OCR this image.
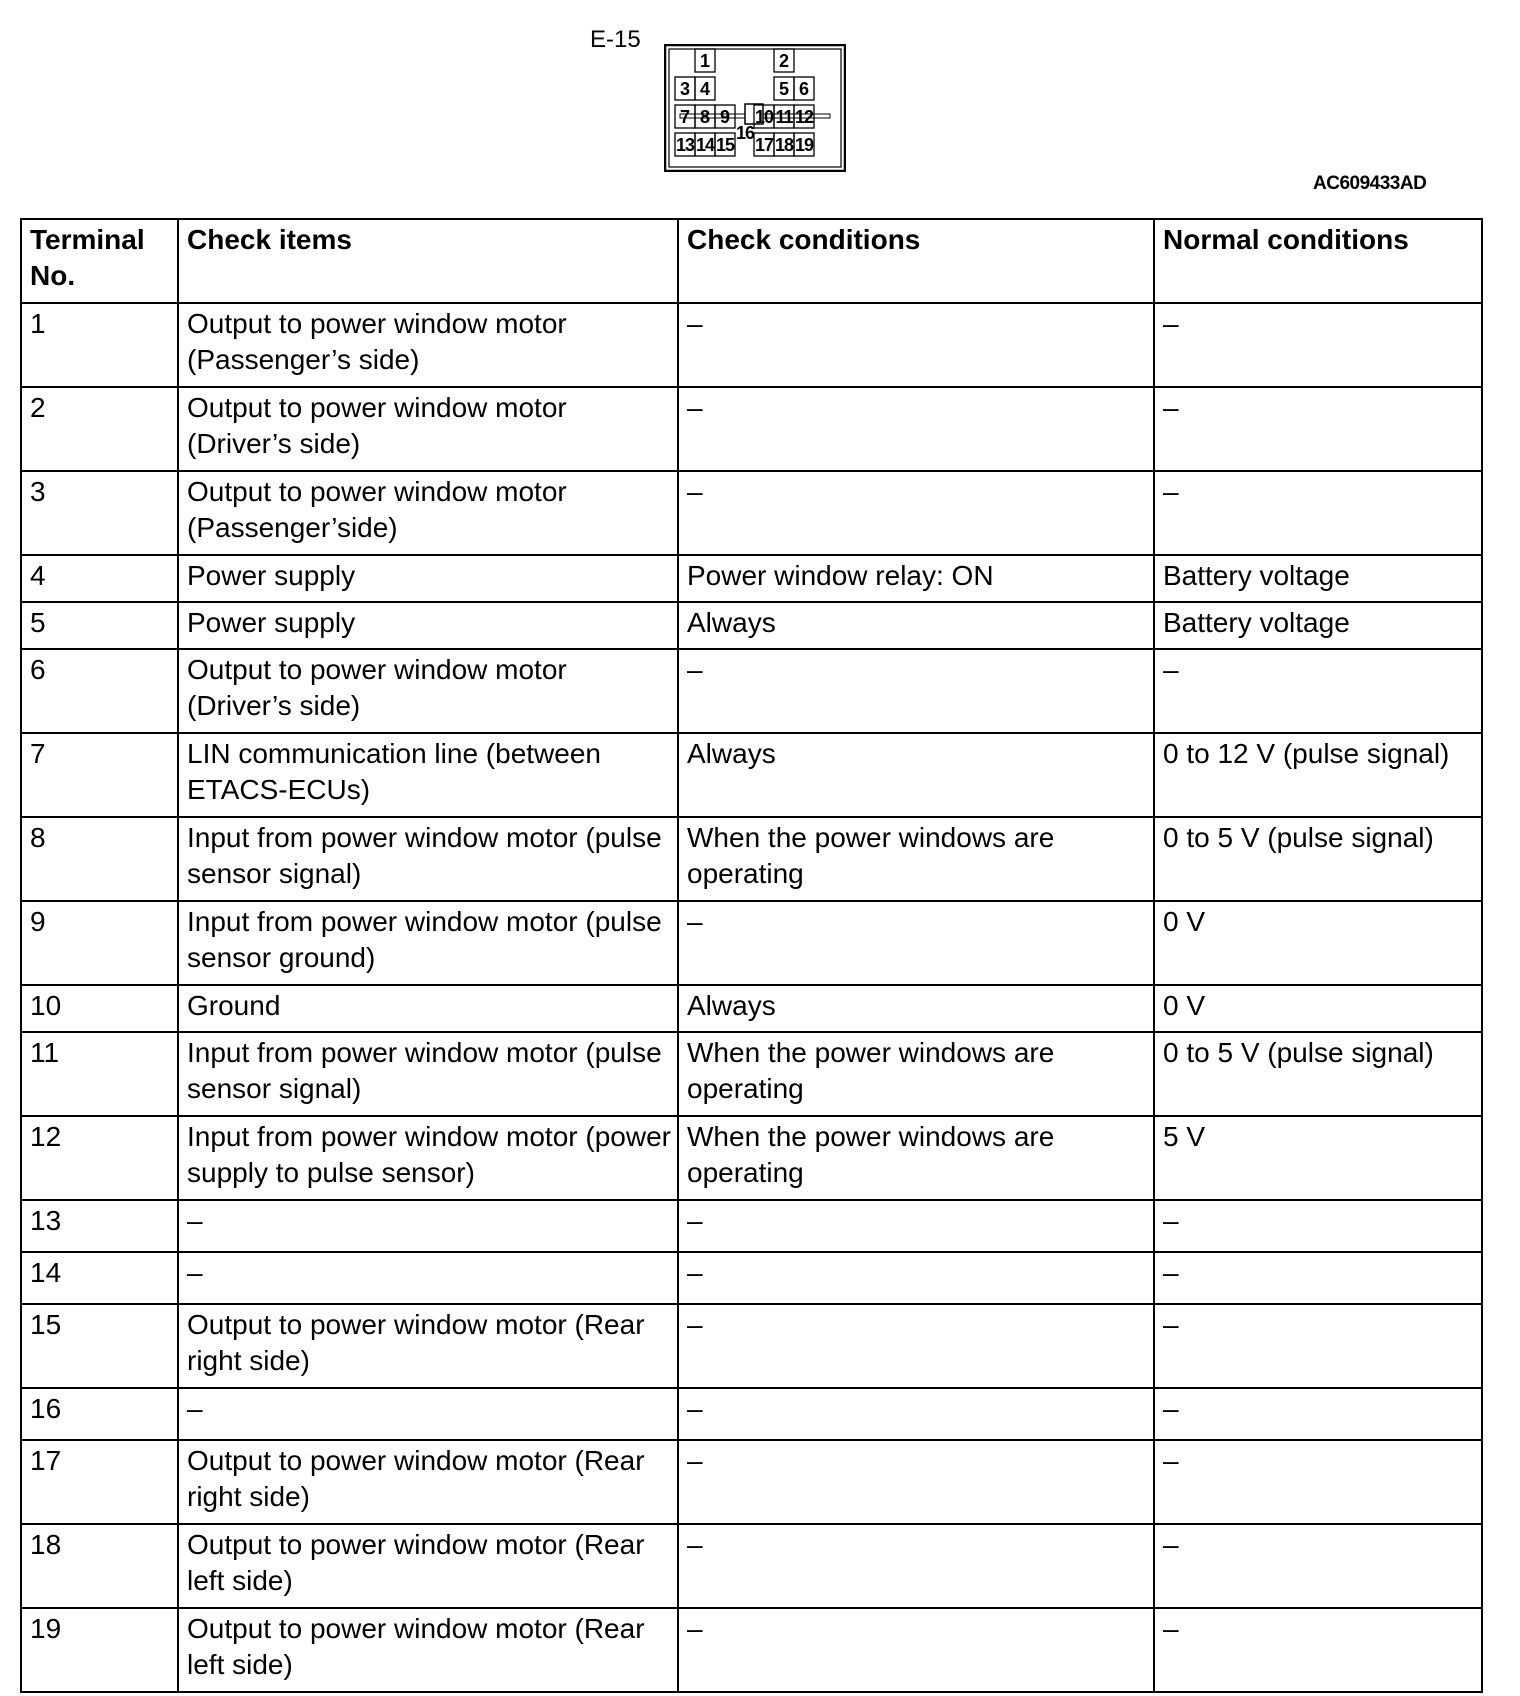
E-15
1	2
3 4	5 6
7 8 9 10 11 12
13 14 15
16
17 18 19
AC609433AD
Terminal No.	Check items	Check conditions	Normal conditions
1	Output to power window motor (Passenger’s side)	–	–
2	Output to power window motor (Driver’s side)	–	–
3	Output to power window motor (Passenger’side)	–	–
4	Power supply	Power window relay: ON	Battery voltage
5	Power supply	Always	Battery voltage
6	Output to power window motor (Driver’s side)	–	–
7	LIN communication line (between ETACS-ECUs)	Always	0 to 12 V (pulse signal)
8	Input from power window motor (pulse sensor signal)	When the power windows are operating	0 to 5 V (pulse signal)
9	Input from power window motor (pulse sensor ground)	–	0 V
10	Ground	Always	0 V
11	Input from power window motor (pulse sensor signal)	When the power windows are operating	0 to 5 V (pulse signal)
12	Input from power window motor (power supply to pulse sensor)	When the power windows are operating	5 V
13	–	–	–
14	–	–	–
15	Output to power window motor (Rear right side)	–	–
16	–	–	–
17	Output to power window motor (Rear right side)	–	–
18	Output to power window motor (Rear left side)	–	–
19	Output to power window motor (Rear left side)	–	–
